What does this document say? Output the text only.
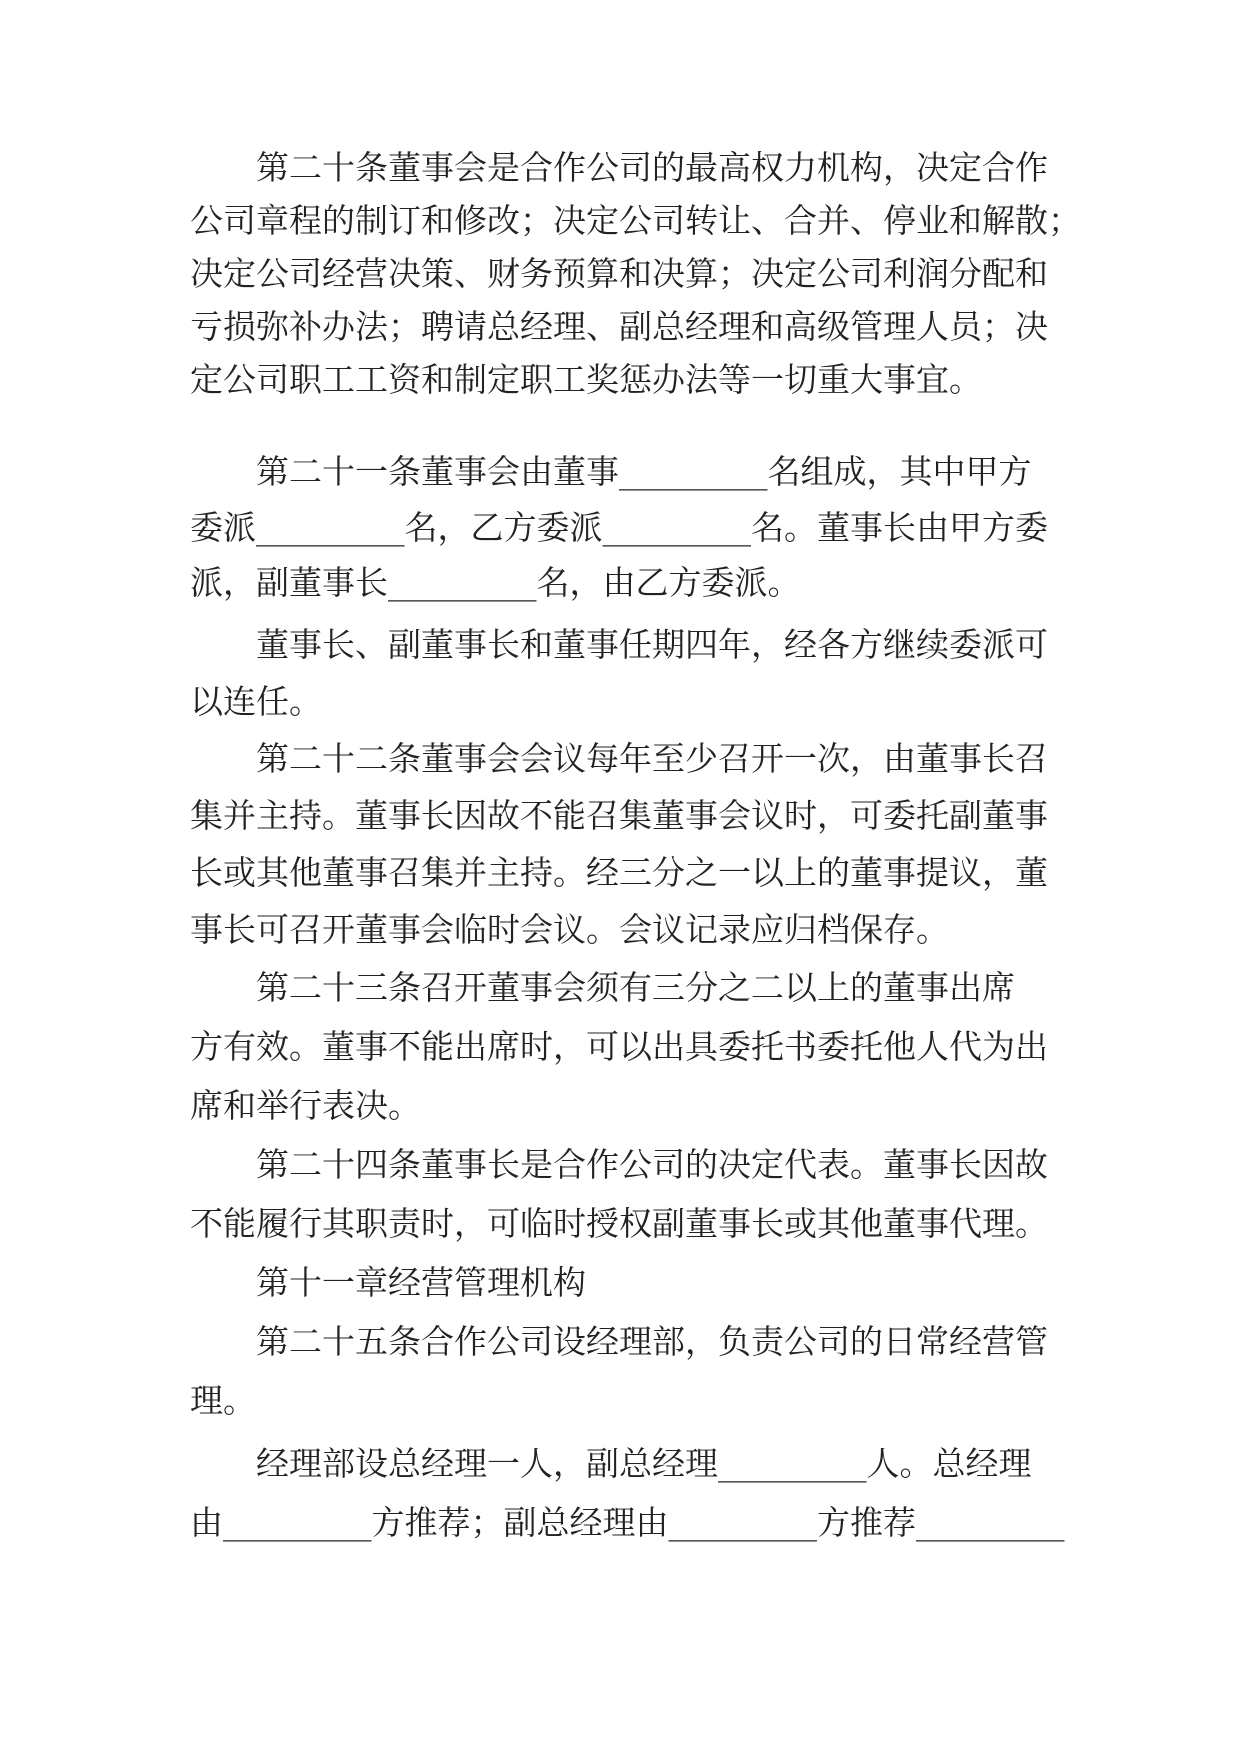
第二十条董事会是合作公司的最高权力机构，决定合作

公司章程的制订和修改；决定公司转让、合并、停业和解散；

决定公司经营决策、财务预算和决算；决定公司利润分配和

亏损弥补办法；聘请总经理、副总经理和高级管理人员；决

定公司职工工资和制定职工奖惩办法等一切重大事宜。

第二十一条董事会由董事_________名组成，其中甲方

委派_________名，乙方委派_________名。董事长由甲方委

派，副董事长_________名，由乙方委派。

董事长、副董事长和董事任期四年，经各方继续委派可

以连任。

第二十二条董事会会议每年至少召开一次，由董事长召

集并主持。董事长因故不能召集董事会议时，可委托副董事

长或其他董事召集并主持。经三分之一以上的董事提议，董

事长可召开董事会临时会议。会议记录应归档保存。

第二十三条召开董事会须有三分之二以上的董事出席

方有效。董事不能出席时，可以出具委托书委托他人代为出

席和举行表决。

第二十四条董事长是合作公司的决定代表。董事长因故

不能履行其职责时，可临时授权副董事长或其他董事代理。

第十一章经营管理机构

第二十五条合作公司设经理部，负责公司的日常经营管

理。

经理部设总经理一人，副总经理_________人。总经理

由_________方推荐；副总经理由_________方推荐_________
